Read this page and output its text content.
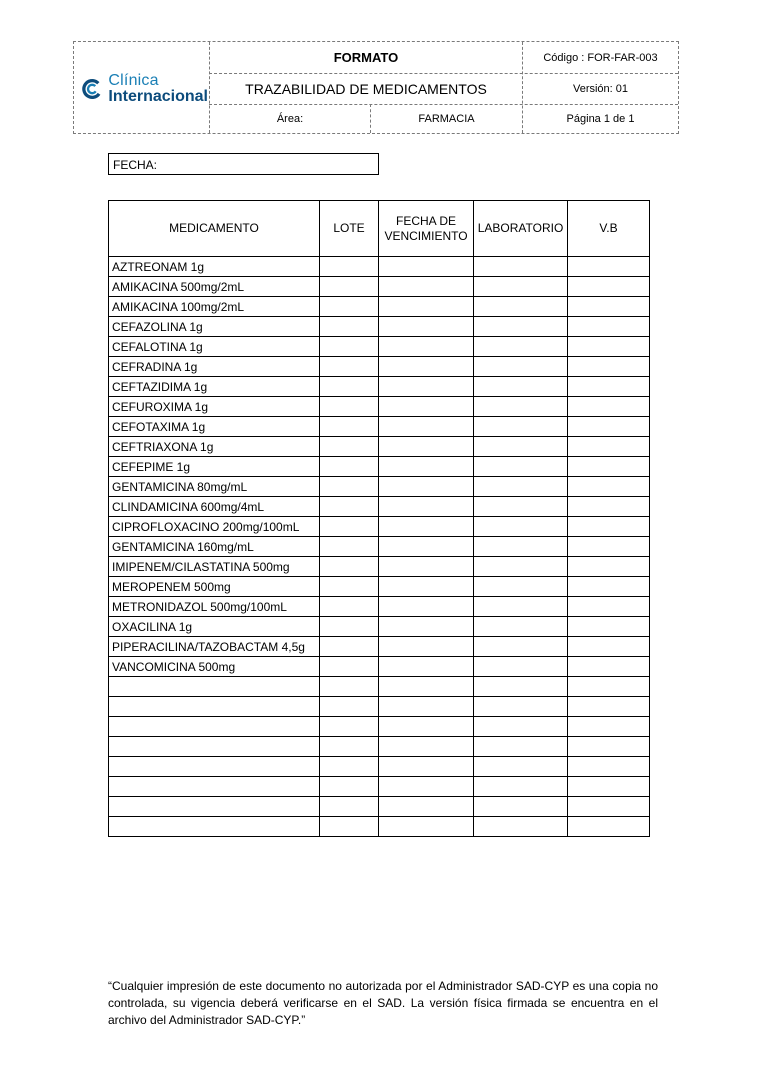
Clínica
Internacional
FORMATO	Código : FOR-FAR-003
TRAZABILIDAD DE MEDICAMENTOS	Versión: 01
Área:	FARMACIA	Página 1 de 1
FECHA:
MEDICAMENTO	LOTE	FECHA DE VENCIMIENTO	LABORATORIO	V.B
AZTREONAM 1g				
AMIKACINA 500mg/2mL				
AMIKACINA 100mg/2mL				
CEFAZOLINA 1g				
CEFALOTINA 1g				
CEFRADINA 1g				
CEFTAZIDIMA 1g				
CEFUROXIMA 1g				
CEFOTAXIMA 1g				
CEFTRIAXONA 1g				
CEFEPIME 1g				
GENTAMICINA 80mg/mL				
CLINDAMICINA 600mg/4mL				
CIPROFLOXACINO 200mg/100mL				
GENTAMICINA 160mg/mL				
IMIPENEM/CILASTATINA 500mg				
MEROPENEM 500mg				
METRONIDAZOL 500mg/100mL				
OXACILINA 1g				
PIPERACILINA/TAZOBACTAM 4,5g				
VANCOMICINA 500mg				

“Cualquier impresión de este documento no autorizada por el Administrador SAD-CYP es una copia no controlada, su vigencia deberá verificarse en el SAD. La versión física firmada se encuentra en el archivo del Administrador SAD-CYP.”
